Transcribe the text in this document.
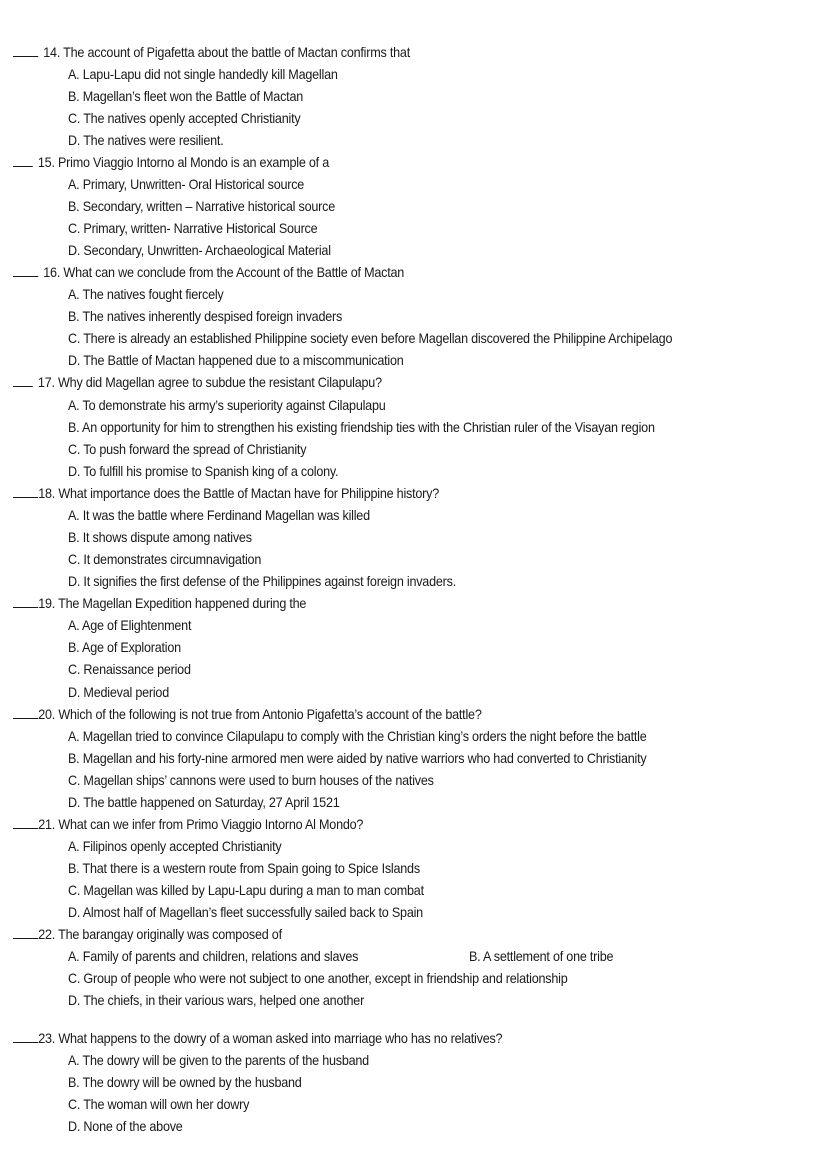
14. The account of Pigafetta about the battle of Mactan confirms that
A. Lapu-Lapu did not single handedly kill Magellan
B. Magellan’s fleet won the Battle of Mactan
C. The natives openly accepted Christianity
D. The natives were resilient.
15. Primo Viaggio Intorno al Mondo is an example of a
A. Primary, Unwritten- Oral Historical source
B. Secondary, written – Narrative historical source
C. Primary, written- Narrative Historical Source
D. Secondary, Unwritten- Archaeological Material
16. What can we conclude from the Account of the Battle of Mactan
A. The natives fought fiercely
B. The natives inherently despised foreign invaders
C. There is already an established Philippine society even before Magellan discovered the Philippine Archipelago
D. The Battle of Mactan happened due to a miscommunication
17. Why did Magellan agree to subdue the resistant Cilapulapu?
A. To demonstrate his army’s superiority against Cilapulapu
B. An opportunity for him to strengthen his existing friendship ties with the Christian ruler of the Visayan region
C. To push forward the spread of Christianity
D. To fulfill his promise to Spanish king of a colony.
18. What importance does the Battle of Mactan have for Philippine history?
A. It was the battle where Ferdinand Magellan was killed
B. It shows dispute among natives
C. It demonstrates circumnavigation
D. It signifies the first defense of the Philippines against foreign invaders.
19. The Magellan Expedition happened during the
A. Age of Elightenment
B. Age of Exploration
C. Renaissance period
D. Medieval period
20. Which of the following is not true from Antonio Pigafetta’s account of the battle?
A. Magellan tried to convince Cilapulapu to comply with the Christian king’s orders the night before the battle
B. Magellan and his forty-nine armored men were aided by native warriors who had converted to Christianity
C. Magellan ships’ cannons were used to burn houses of the natives
D. The battle happened on Saturday, 27 April 1521
21. What can we infer from Primo Viaggio Intorno Al Mondo?
A. Filipinos openly accepted Christianity
B. That there is a western route from Spain going to Spice Islands
C. Magellan was killed by Lapu-Lapu during a man to man combat
D. Almost half of Magellan’s fleet successfully sailed back to Spain
22. The barangay originally was composed of
A. Family of parents and children, relations and slaves	B. A settlement of one tribe
C. Group of people who were not subject to one another, except in friendship and relationship
D. The chiefs, in their various wars, helped one another
23. What happens to the dowry of a woman asked into marriage who has no relatives?
A. The dowry will be given to the parents of the husband
B. The dowry will be owned by the husband
C. The woman will own her dowry
D. None of the above
